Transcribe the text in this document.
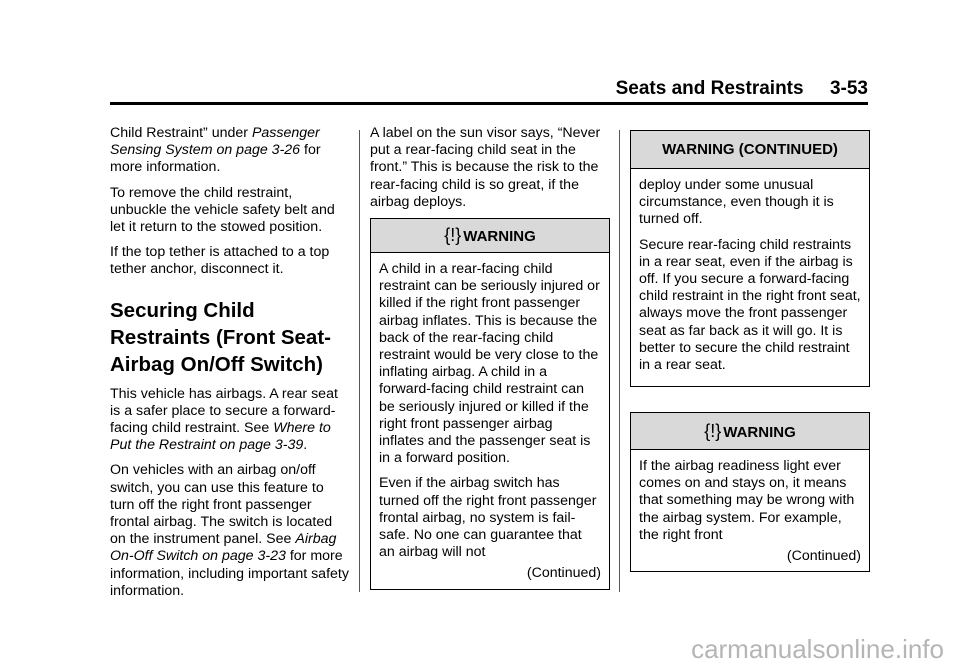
Seats and Restraints     3-53

Child Restraint” under Passenger Sensing System on page 3-26 for more information.

To remove the child restraint, unbuckle the vehicle safety belt and let it return to the stowed position.

If the top tether is attached to a top tether anchor, disconnect it.

Securing Child Restraints (Front Seat-Airbag On/Off Switch)

This vehicle has airbags. A rear seat is a safer place to secure a forward-facing child restraint. See Where to Put the Restraint on page 3-39.

On vehicles with an airbag on/off switch, you can use this feature to turn off the right front passenger frontal airbag. The switch is located on the instrument panel. See Airbag On-Off Switch on page 3-23 for more information, including important safety information.

A label on the sun visor says, “Never put a rear-facing child seat in the front.” This is because the risk to the rear-facing child is so great, if the airbag deploys.

{!} WARNING

A child in a rear-facing child restraint can be seriously injured or killed if the right front passenger airbag inflates. This is because the back of the rear-facing child restraint would be very close to the inflating airbag. A child in a forward-facing child restraint can be seriously injured or killed if the right front passenger airbag inflates and the passenger seat is in a forward position.

Even if the airbag switch has turned off the right front passenger frontal airbag, no system is fail-safe. No one can guarantee that an airbag will not

(Continued)
WARNING (CONTINUED)

deploy under some unusual circumstance, even though it is turned off.

Secure rear-facing child restraints in a rear seat, even if the airbag is off. If you secure a forward-facing child restraint in the right front seat, always move the front passenger seat as far back as it will go. It is better to secure the child restraint in a rear seat.

{!} WARNING

If the airbag readiness light ever comes on and stays on, it means that something may be wrong with the airbag system. For example, the right front

(Continued)
carmanualsonline.info
